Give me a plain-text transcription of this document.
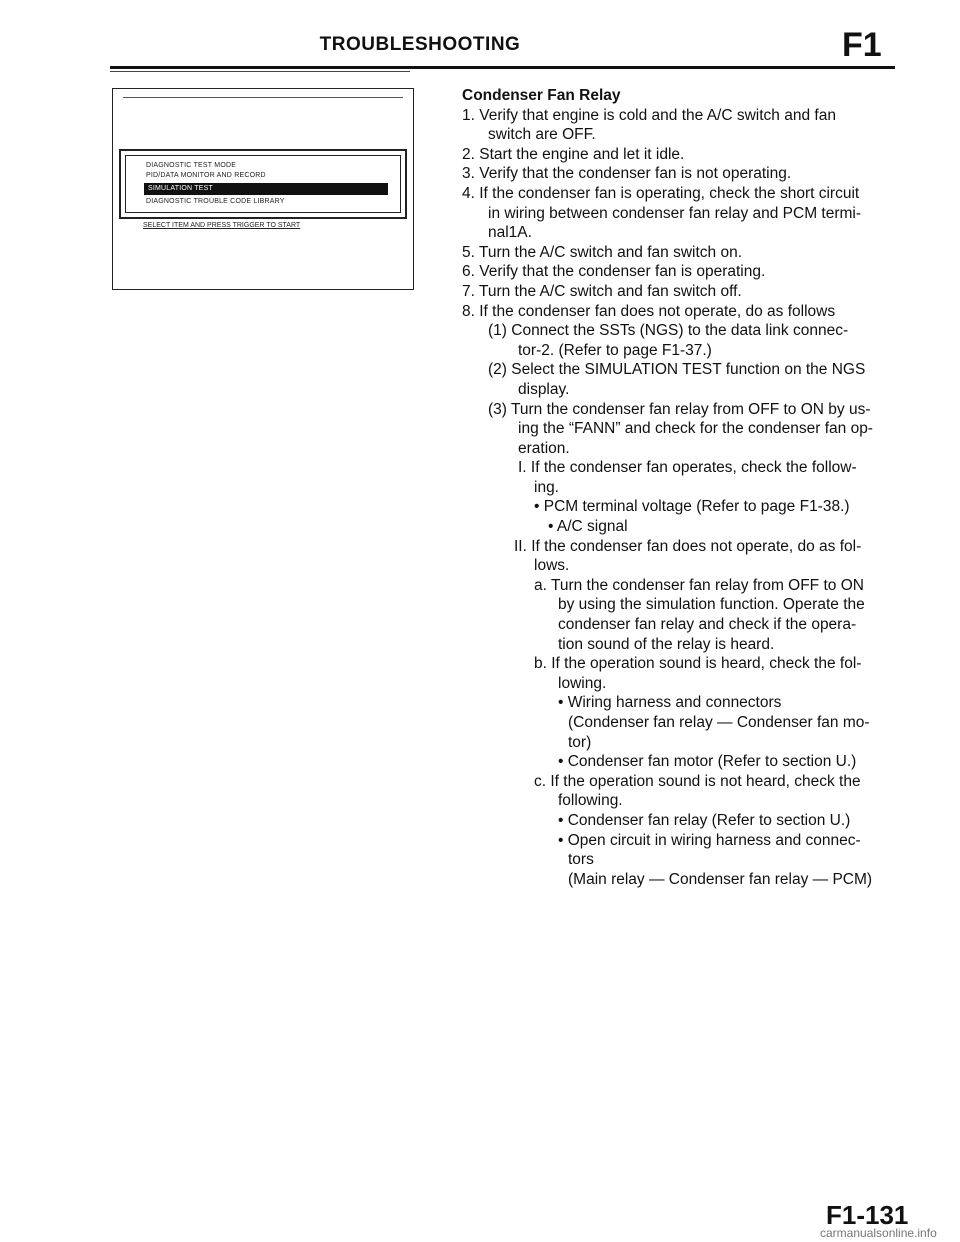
TROUBLESHOOTING	F1
DIAGNOSTIC TEST MODE
PID/DATA MONITOR AND RECORD
SIMULATION TEST
DIAGNOSTIC TROUBLE CODE LIBRARY
SELECT ITEM AND PRESS TRIGGER TO START
Condenser Fan Relay
1. Verify that engine is cold and the A/C switch and fan
switch are OFF.
2. Start the engine and let it idle.
3. Verify that the condenser fan is not operating.
4. If the condenser fan is operating, check the short circuit
in wiring between condenser fan relay and PCM termi-
nal1A.
5. Turn the A/C switch and fan switch on.
6. Verify that the condenser fan is operating.
7. Turn the A/C switch and fan switch off.
8. If the condenser fan does not operate, do as follows
(1) Connect the SSTs (NGS) to the data link connec-
tor-2. (Refer to page F1-37.)
(2) Select the SIMULATION TEST function on the NGS
display.
(3) Turn the condenser fan relay from OFF to ON by us-
ing the “FANN” and check for the condenser fan op-
eration.
I. If the condenser fan operates, check the follow-
ing.
• PCM terminal voltage (Refer to page F1-38.)
• A/C signal
II. If the condenser fan does not operate, do as fol-
lows.
a. Turn the condenser fan relay from OFF to ON
by using the simulation function. Operate the
condenser fan relay and check if the opera-
tion sound of the relay is heard.
b. If the operation sound is heard, check the fol-
lowing.
• Wiring harness and connectors
(Condenser fan relay — Condenser fan mo-
tor)
• Condenser fan motor (Refer to section U.)
c. If the operation sound is not heard, check the
following.
• Condenser fan relay (Refer to section U.)
• Open circuit in wiring harness and connec-
tors
(Main relay — Condenser fan relay — PCM)
F1-131
carmanualsonline.info
